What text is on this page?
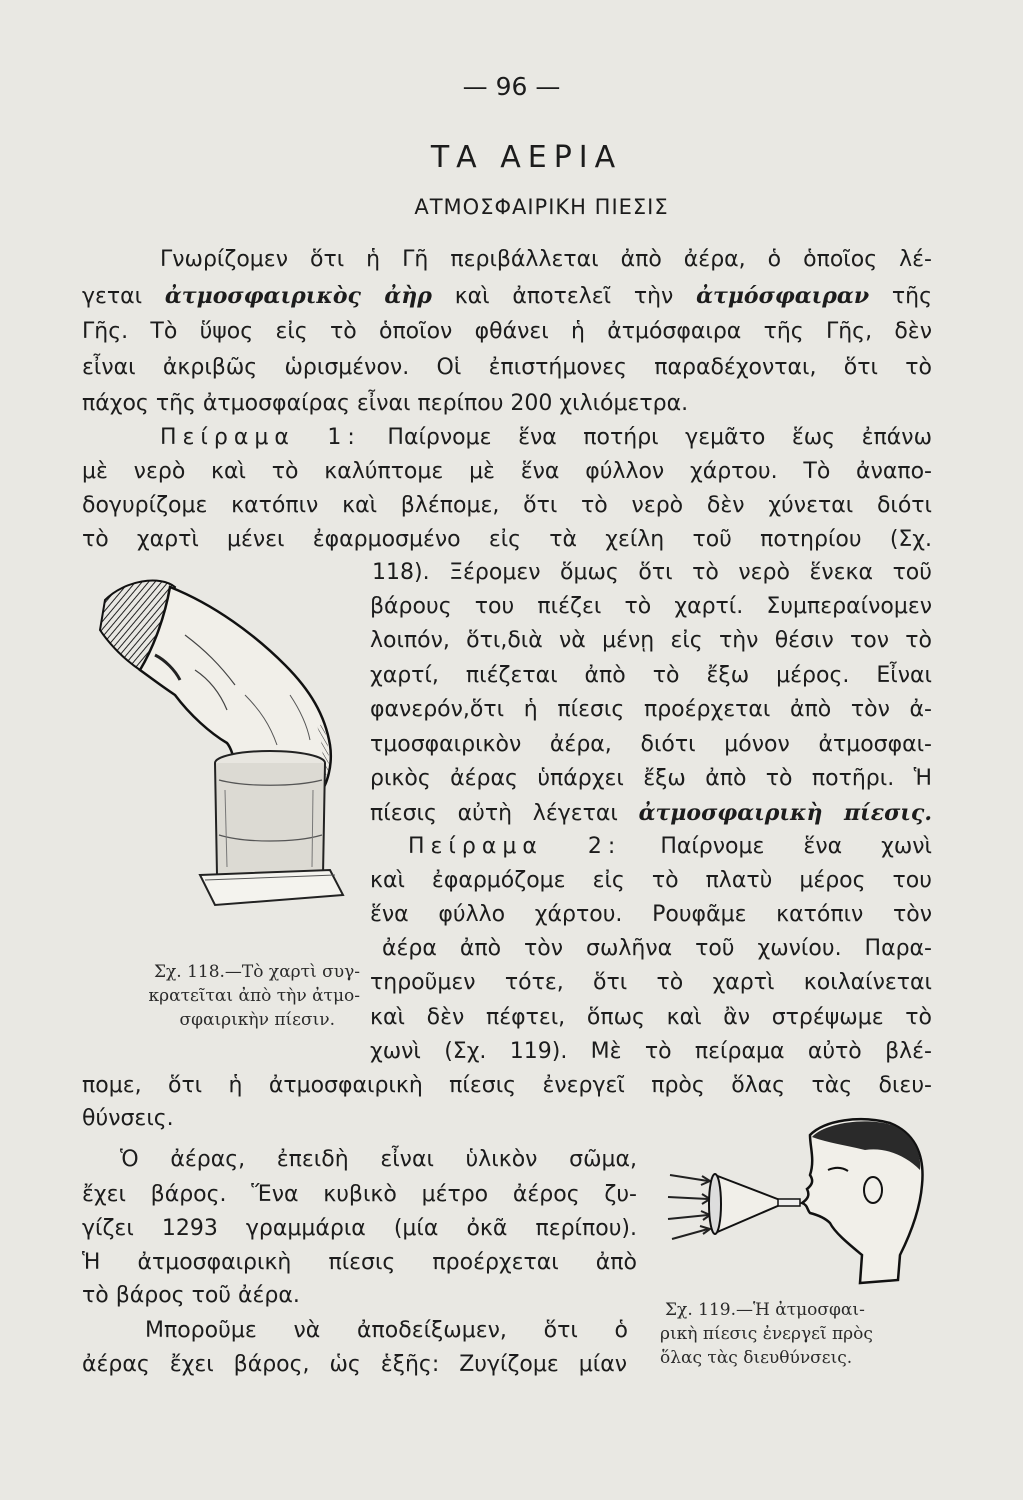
— 96 —
ΤΑ ΑΕΡΙΑ
ΑΤΜΟΣΦΑΙΡΙΚΗ ΠΙΕΣΙΣ
Γνωρίζομεν ὅτι ἡ Γῆ περιβάλλεται ἀπὸ ἀέρα, ὁ ὁποῖος λέ-
γεται ἀτμοσφαιρικὸς ἀὴρ καὶ ἀποτελεῖ τὴν ἀτμόσφαιραν τῆς
Γῆς. Τὸ ὕψος εἰς τὸ ὁποῖον φθάνει ἡ ἀτμόσφαιρα τῆς Γῆς, δὲν
εἶναι ἀκριβῶς ὡρισμένον. Οἱ ἐπιστήμονες παραδέχονται, ὅτι τὸ
πάχος τῆς ἀτμοσφαίρας εἶναι περίπου 200 χιλιόμετρα.
Πείραμα 1: Παίρνομε ἕνα ποτήρι γεμᾶτο ἕως ἐπάνω
μὲ νερὸ καὶ τὸ καλύπτομε μὲ ἕνα φύλλον χάρτου. Τὸ ἀναπο-
δογυρίζομε κατόπιν καὶ βλέπομε, ὅτι τὸ νερὸ δὲν χύνεται διότι
τὸ χαρτὶ μένει ἐφαρμοσμένο εἰς τὰ χείλη τοῦ ποτηρίου (Σχ.
118). Ξέρομεν ὅμως ὅτι τὸ νερὸ ἕνεκα τοῦ
βάρους του πιέζει τὸ χαρτί. Συμπεραίνομεν
λοιπόν, ὅτι,διὰ νὰ μένῃ εἰς τὴν θέσιν τον τὸ
χαρτί, πιέζεται ἀπὸ τὸ ἔξω μέρος. Εἶναι
φανερόν,ὅτι ἡ πίεσις προέρχεται ἀπὸ τὸν ἀ-
τμοσφαιρικὸν ἀέρα, διότι μόνον ἀτμοσφαι-
ρικὸς ἀέρας ὑπάρχει ἔξω ἀπὸ τὸ ποτῆρι. Ἡ
πίεσις αὐτὴ λέγεται ἀτμοσφαιρικὴ πίεσις.
Πείραμα 2: Παίρνομε ἕνα χωνὶ
καὶ ἐφαρμόζομε εἰς τὸ πλατὺ μέρος του
ἕνα φύλλο χάρτου. Ρουφᾶμε κατόπιν τὸν
ἀέρα ἀπὸ τὸν σωλῆνα τοῦ χωνίου. Παρα-
τηροῦμεν τότε, ὅτι τὸ χαρτὶ κοιλαίνεται
καὶ δὲν πέφτει, ὅπως καὶ ἂν στρέψωμε τὸ
χωνὶ (Σχ. 119). Μὲ τὸ πείραμα αὐτὸ βλέ-
πομε, ὅτι ἡ ἀτμοσφαιρικὴ πίεσις ἐνεργεῖ πρὸς ὅλας τὰς διευ-
θύνσεις.
Ὁ ἀέρας, ἐπειδὴ εἶναι ὑλικὸν σῶμα,
ἔχει βάρος. Ἕνα κυβικὸ μέτρο ἀέρος ζυ-
γίζει 1293 γραμμάρια (μία ὀκᾶ περίπου).
Ἡ ἀτμοσφαιρικὴ πίεσις προέρχεται ἀπὸ
τὸ βάρος τοῦ ἀέρα.
Μποροῦμε νὰ ἀποδείξωμεν, ὅτι ὁ
ἀέρας ἔχει βάρος, ὡς ἑξῆς: Ζυγίζομε μίαν
Σχ. 118.—Τὸ χαρτὶ συγ-
κρατεῖται ἀπὸ τὴν ἀτμο-
σφαιρικὴν πίεσιν.
Σχ. 119.—Ἡ ἀτμοσφαι-
ρικὴ πίεσις ἐνεργεῖ πρὸς
ὅλας τὰς διευθύνσεις.
